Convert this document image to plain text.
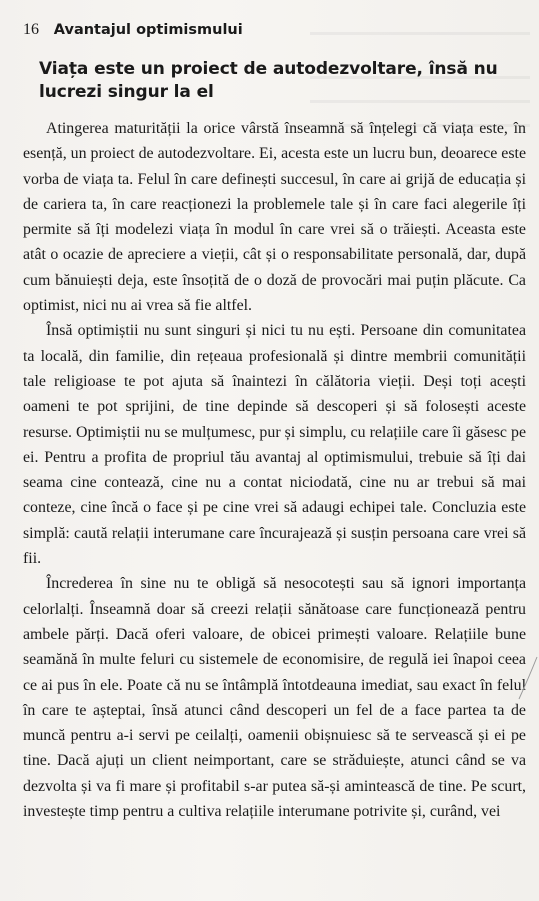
16 Avantajul optimismului
Viața este un proiect de autodezvoltare, însă nu lucrezi singur la el

Atingerea maturității la orice vârstă înseamnă să înțelegi că viața este, în esență, un proiect de autodezvoltare. Ei, acesta este un lucru bun, deoarece este vorba de viața ta. Felul în care definești succesul, în care ai grijă de educația și de cariera ta, în care reacționezi la problemele tale și în care faci alegerile îți permite să îți modelezi viața în modul în care vrei să o trăiești. Aceasta este atât o ocazie de apreciere a vieții, cât și o responsabilitate personală, dar, după cum bănuiești deja, este însoțită de o doză de provocări mai puțin plăcute. Ca optimist, nici nu ai vrea să fie altfel.

Însă optimiștii nu sunt singuri și nici tu nu ești. Persoane din comunitatea ta locală, din familie, din rețeaua profesională și dintre membrii comunității tale religioase te pot ajuta să înaintezi în călătoria vieții. Deși toți acești oameni te pot sprijini, de tine depinde să descoperi și să folosești aceste resurse. Optimiștii nu se mulțumesc, pur și simplu, cu relațiile care îi găsesc pe ei. Pentru a profita de propriul tău avantaj al optimismului, trebuie să îți dai seama cine contează, cine nu a contat niciodată, cine nu ar trebui să mai conteze, cine încă o face și pe cine vrei să adaugi echipei tale. Concluzia este simplă: caută relații interumane care încurajează și susțin persoana care vrei să fii.

Încrederea în sine nu te obligă să nesocotești sau să ignori importanța celorlalți. Înseamnă doar să creezi relații sănătoase care funcționează pentru ambele părți. Dacă oferi valoare, de obicei primești valoare. Relațiile bune seamănă în multe feluri cu sistemele de economisire, de regulă iei înapoi ceea ce ai pus în ele. Poate că nu se întâmplă întotdeauna imediat, sau exact în felul în care te așteptai, însă atunci când descoperi un fel de a face partea ta de muncă pentru a-i servi pe ceilalți, oamenii obișnuiesc să te servească și ei pe tine. Dacă ajuți un client neimportant, care se străduiește, atunci când se va dezvolta și va fi mare și profitabil s-ar putea să-și amintească de tine. Pe scurt, investește timp pentru a cultiva relațiile interumane potrivite și, curând, vei
